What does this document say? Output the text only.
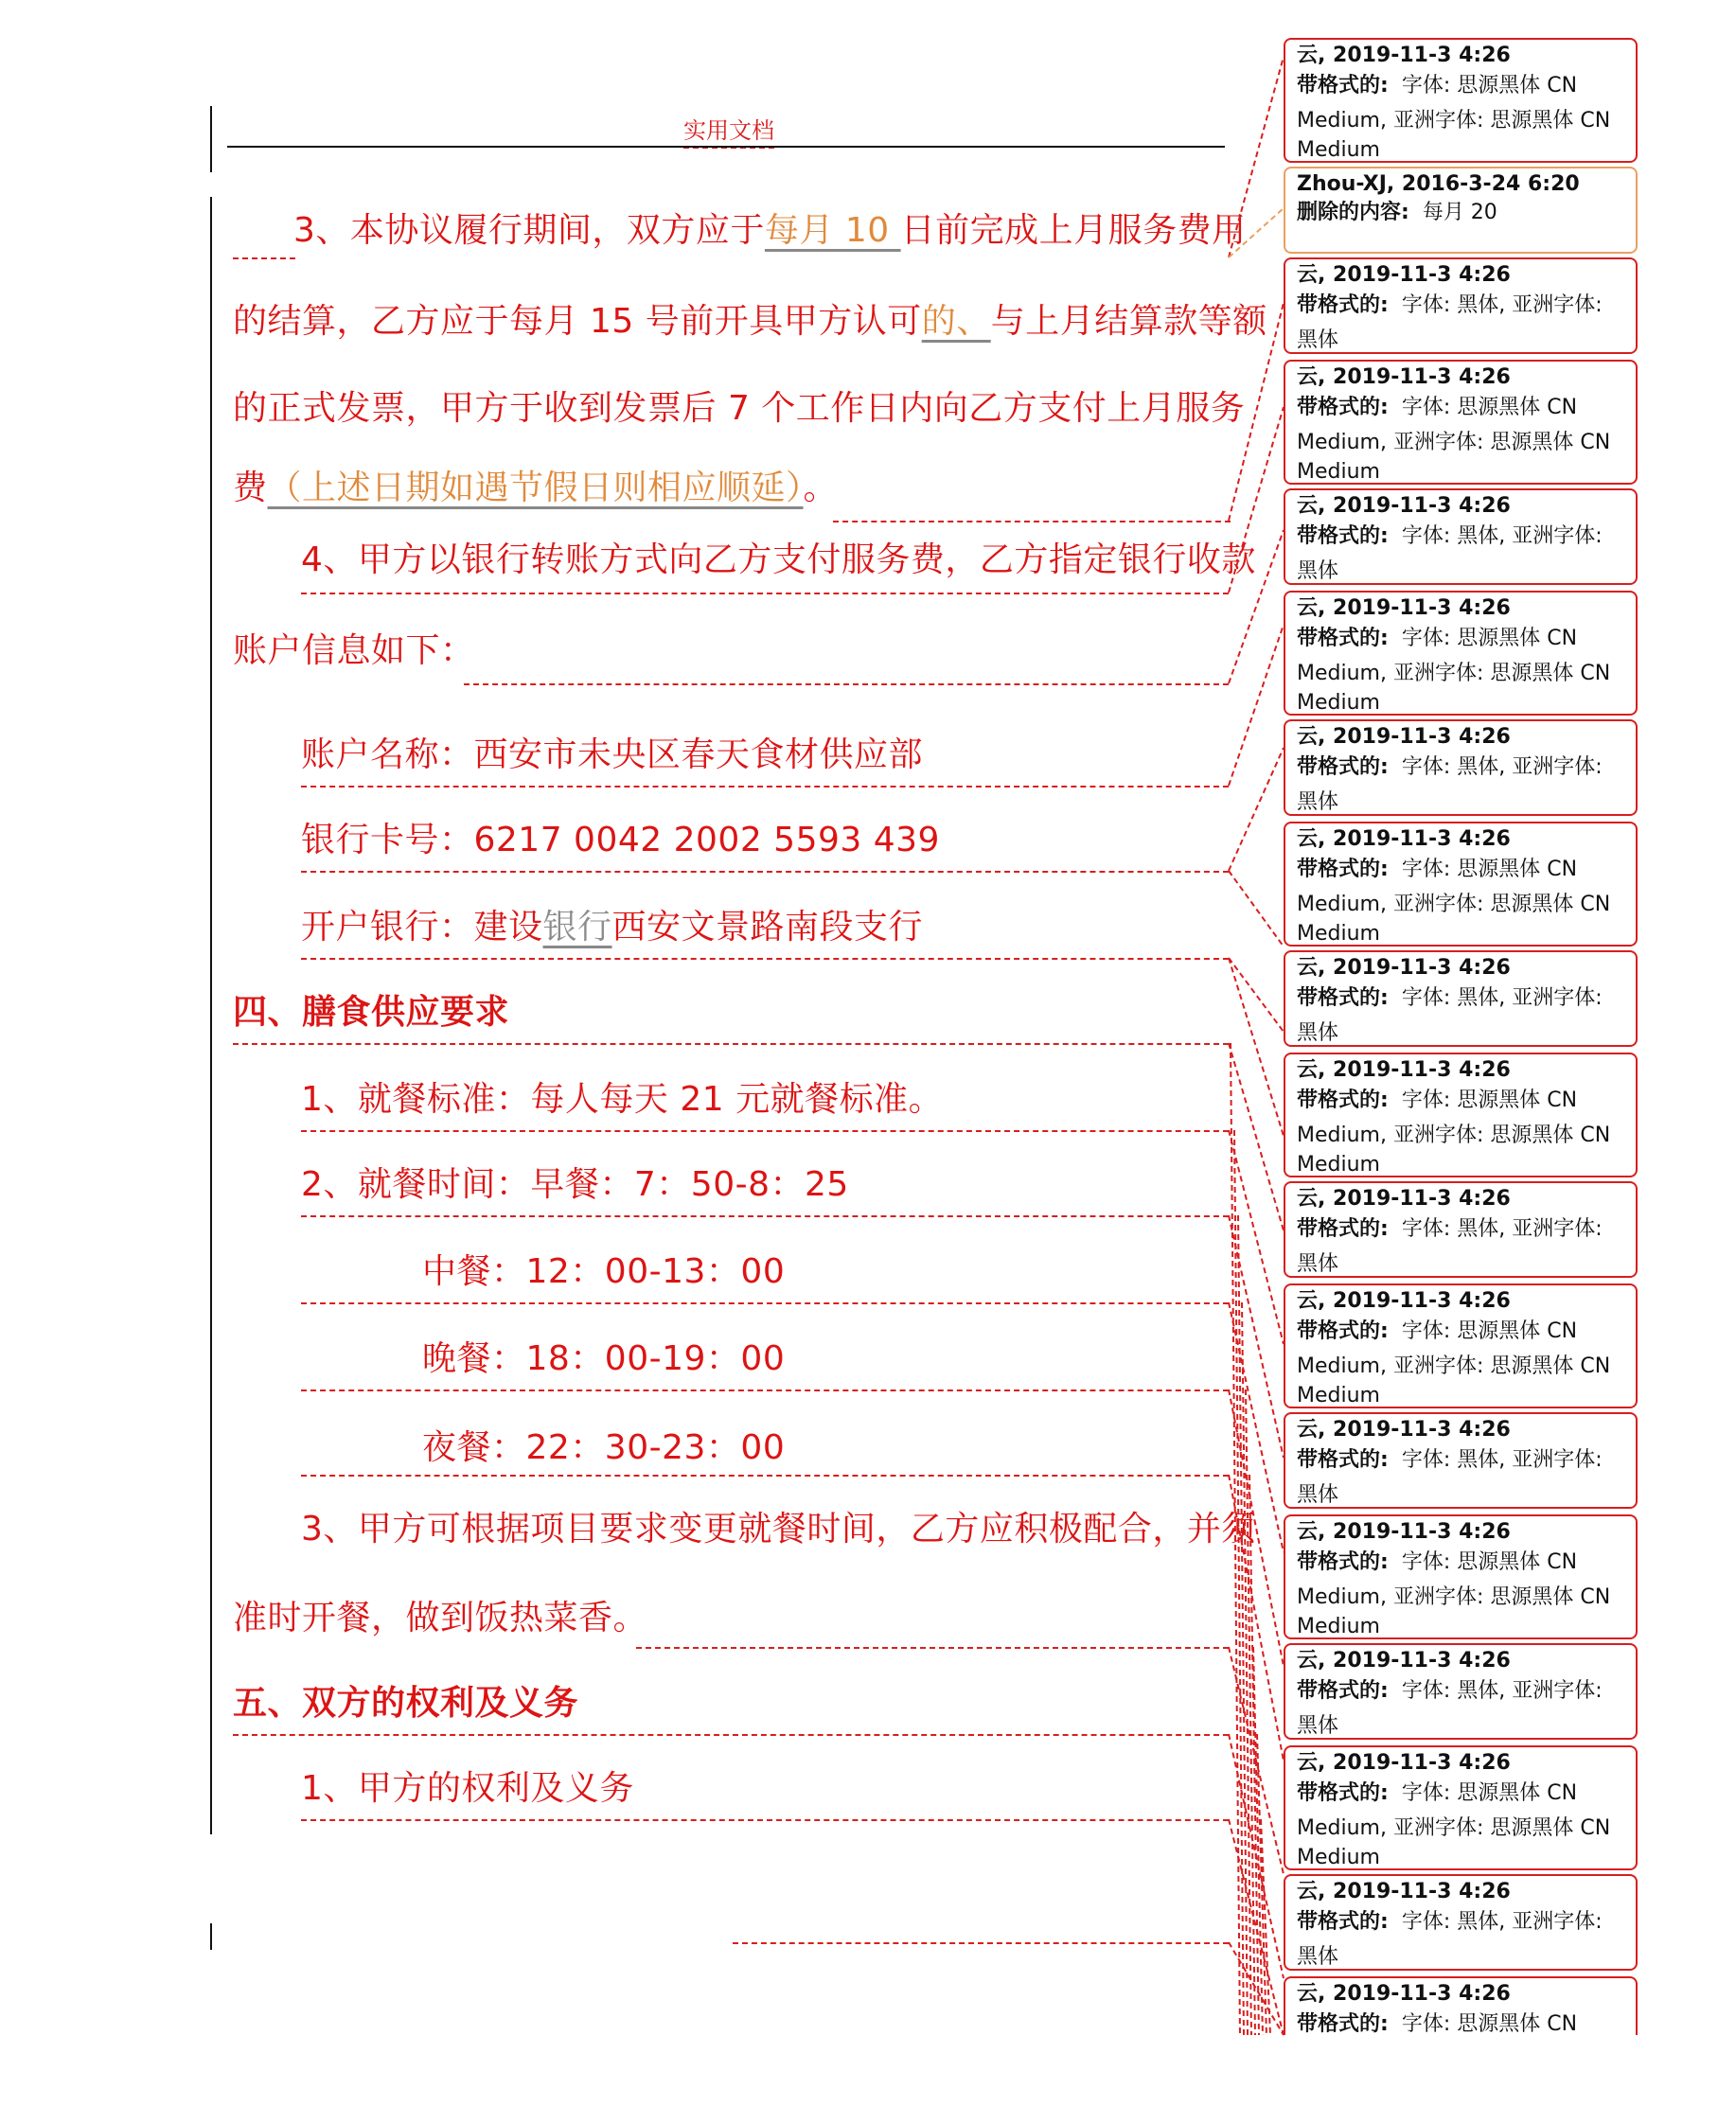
实用文档
3、本协议履行期间，双方应于每月 10 日前完成上月服务费用
的结算，乙方应于每月 15 号前开具甲方认可的、与上月结算款等额
的正式发票，甲方于收到发票后 7 个工作日内向乙方支付上月服务
费（上述日期如遇节假日则相应顺延）。
4、甲方以银行转账方式向乙方支付服务费，乙方指定银行收款
账户信息如下：
账户名称：西安市未央区春天食材供应部
银行卡号：6217 0042 2002 5593 439
开户银行：建设银行西安文景路南段支行
四、膳食供应要求
1、就餐标准：每人每天 21 元就餐标准。
2、就餐时间：早餐：7：50-8：25
中餐：12：00-13：00
晚餐：18：00-19：00
夜餐：22：30-23：00
3、甲方可根据项目要求变更就餐时间，乙方应积极配合，并须
准时开餐，做到饭热菜香。
五、双方的权利及义务
1、甲方的权利及义务
云, 2019-11-3 4:26
带格式的: 字体: 思源黑体 CN
Medium, 亚洲字体: 思源黑体 CN
Medium
Zhou-XJ, 2016-3-24 6:20
删除的内容: 每月 20
云, 2019-11-3 4:26
带格式的: 字体: 黑体, 亚洲字体:
黑体
云, 2019-11-3 4:26
带格式的: 字体: 思源黑体 CN
Medium, 亚洲字体: 思源黑体 CN
Medium
云, 2019-11-3 4:26
带格式的: 字体: 黑体, 亚洲字体:
黑体
云, 2019-11-3 4:26
带格式的: 字体: 思源黑体 CN
Medium, 亚洲字体: 思源黑体 CN
Medium
云, 2019-11-3 4:26
带格式的: 字体: 黑体, 亚洲字体:
黑体
云, 2019-11-3 4:26
带格式的: 字体: 思源黑体 CN
Medium, 亚洲字体: 思源黑体 CN
Medium
云, 2019-11-3 4:26
带格式的: 字体: 黑体, 亚洲字体:
黑体
云, 2019-11-3 4:26
带格式的: 字体: 思源黑体 CN
Medium, 亚洲字体: 思源黑体 CN
Medium
云, 2019-11-3 4:26
带格式的: 字体: 黑体, 亚洲字体:
黑体
云, 2019-11-3 4:26
带格式的: 字体: 思源黑体 CN
Medium, 亚洲字体: 思源黑体 CN
Medium
云, 2019-11-3 4:26
带格式的: 字体: 黑体, 亚洲字体:
黑体
云, 2019-11-3 4:26
带格式的: 字体: 思源黑体 CN
Medium, 亚洲字体: 思源黑体 CN
Medium
云, 2019-11-3 4:26
带格式的: 字体: 黑体, 亚洲字体:
黑体
云, 2019-11-3 4:26
带格式的: 字体: 思源黑体 CN
Medium, 亚洲字体: 思源黑体 CN
Medium
云, 2019-11-3 4:26
带格式的: 字体: 黑体, 亚洲字体:
黑体
云, 2019-11-3 4:26
带格式的: 字体: 思源黑体 CN
